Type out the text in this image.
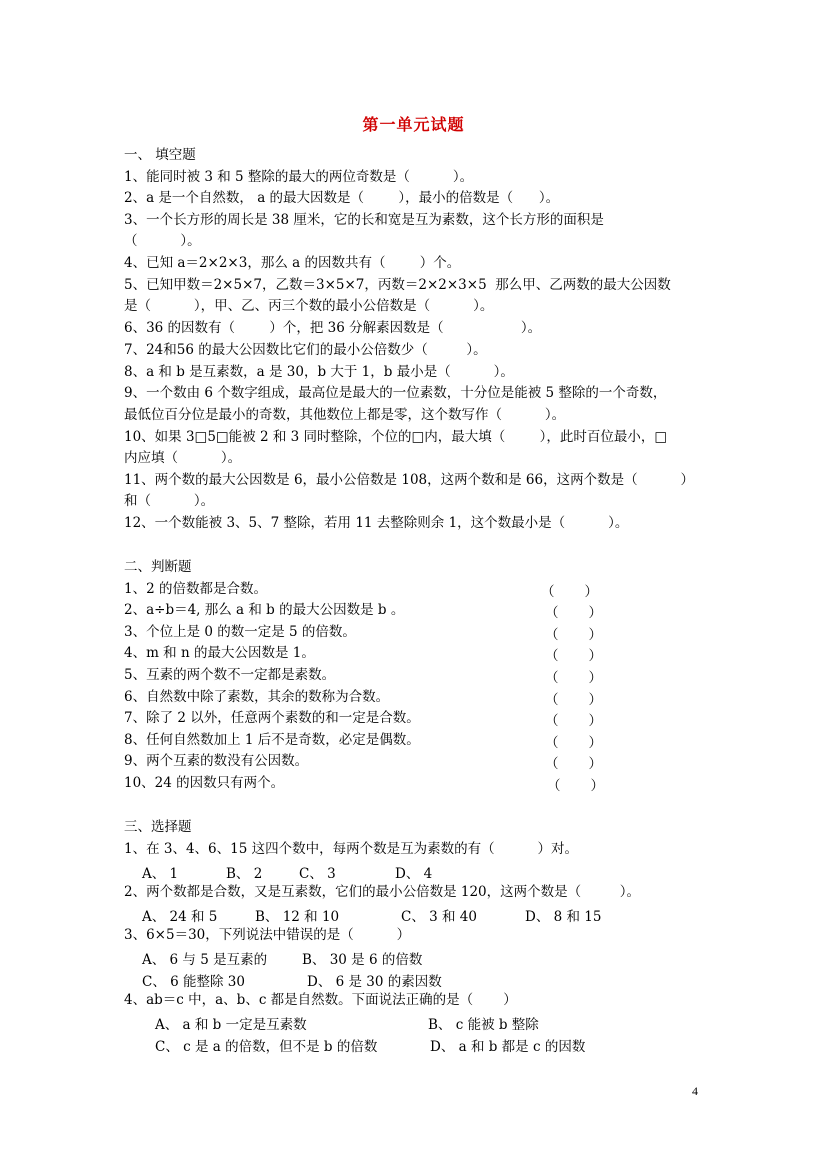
第一单元试题
一、 填空题
1、能同时被 3 和 5 整除的最大的两位奇数是（          ）。
2、a 是一个自然数， a 的最大因数是（        ），最小的倍数是（      ）。
3、一个长方形的周长是 38 厘米，它的长和宽是互为素数，这个长方形的面积是
（          ）。
4、已知 a＝2×2×3，那么 a 的因数共有（        ）个。
5、已知甲数＝2×5×7，乙数＝3×5×7，丙数＝2×2×3×5  那么甲、乙两数的最大公因数
是（          ），甲、乙、丙三个数的最小公倍数是（          ）。
6、36 的因数有（        ）个，把 36 分解素因数是（                  ）。
7、24和56 的最大公因数比它们的最小公倍数少（         ）。
8、a 和 b 是互素数，a 是 30，b 大于 1，b 最小是（          ）。
9、一个数由 6 个数字组成，最高位是最大的一位素数，十分位是能被 5 整除的一个奇数，
最低位百分位是最小的奇数，其他数位上都是零，这个数写作（          ）。
10、如果 3□5□能被 2 和 3 同时整除，个位的□内，最大填（        ），此时百位最小，□
内应填（          ）。
11、两个数的最大公因数是 6，最小公倍数是 108，这两个数和是 66，这两个数是（          ）
和（          ）。
12、一个数能被 3、5、7 整除，若用 11 去整除则余 1，这个数最小是（          ）。
二、判断题
1、2 的倍数都是合数。	（       ）
2、a÷b＝4, 那么 a 和 b 的最大公因数是 b 。	（       ）
3、个位上是 0 的数一定是 5 的倍数。	（       ）
4、m 和 n 的最大公因数是 1。	（       ）
5、互素的两个数不一定都是素数。	（       ）
6、自然数中除了素数，其余的数称为合数。	（       ）
7、除了 2 以外，任意两个素数的和一定是合数。	（       ）
8、任何自然数加上 1 后不是奇数，必定是偶数。	（       ）
9、两个互素的数没有公因数。	（       ）
10、24 的因数只有两个。	（       ）
三、选择题
1、在 3、4、6、15 这四个数中，每两个数是互为素数的有（          ）对。
A、 1	B、 2	C、 3	D、 4
2、两个数都是合数，又是互素数，它们的最小公倍数是 120，这两个数是（         ）。
A、 24 和 5	B、 12 和 10	C、 3 和 40	D、 8 和 15
3、6×5＝30，下列说法中错误的是（          ）
A、 6 与 5 是互素的	B、 30 是 6 的倍数
C、 6 能整除 30	D、 6 是 30 的素因数
4、ab＝c 中，a、b、c 都是自然数。下面说法正确的是（       ）
A、 a 和 b 一定是互素数	B、 c 能被 b 整除
C、 c 是 a 的倍数，但不是 b 的倍数	D、 a 和 b 都是 c 的因数
4
